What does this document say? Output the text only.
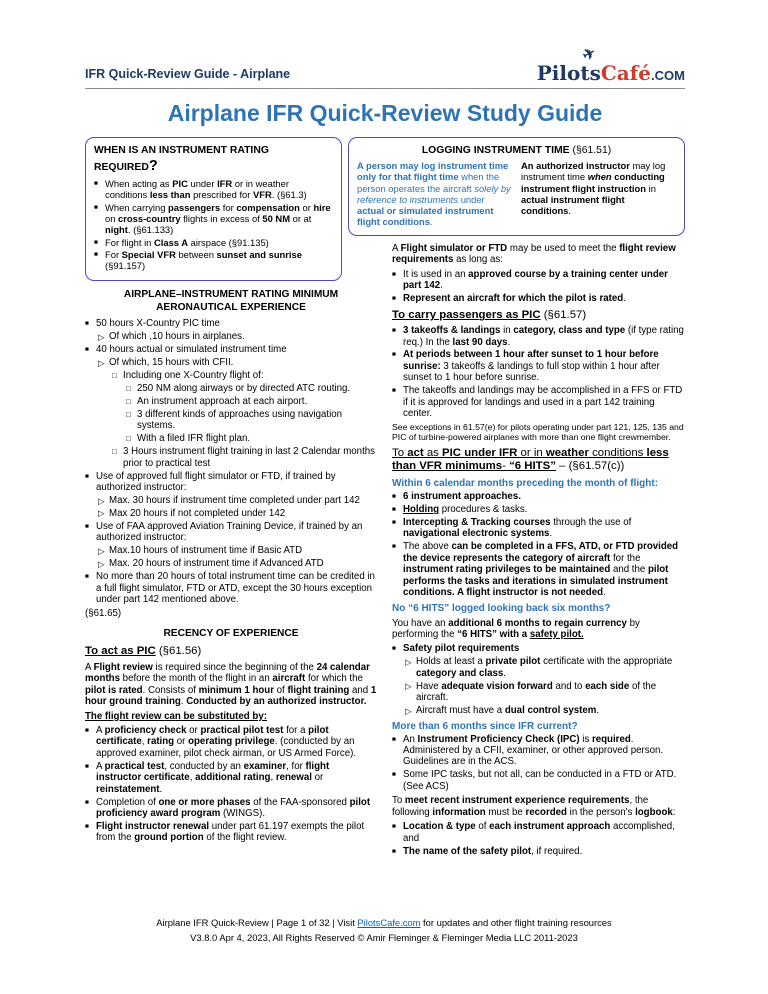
IFR Quick-Review Guide - Airplane
✈
PilotsCafé.COM
Airplane IFR Quick-Review Study Guide
WHEN IS AN INSTRUMENT RATING REQUIRED?
■ When acting as PIC under IFR or in weather conditions less than prescribed for VFR. (§61.3)
■ When carrying passengers for compensation or hire on cross-country flights in excess of 50 NM or at night. (§61.133)
■ For flight in Class A airspace (§91.135)
■ For Special VFR between sunset and sunrise (§91.157)
AIRPLANE–INSTRUMENT RATING MINIMUM
AERONAUTICAL EXPERIENCE
■ 50 hours X-Country PIC time
▷ Of which ,10 hours in airplanes.
■ 40 hours actual or simulated instrument time
▷ Of which, 15 hours with CFII.
□ Including one X-Country flight of:
□ 250 NM along airways or by directed ATC routing.
□ An instrument approach at each airport.
□ 3 different kinds of approaches using navigation systems.
□ With a filed IFR flight plan.
□ 3 Hours instrument flight training in last 2 Calendar months prior to practical test
■ Use of approved full flight simulator or FTD, if trained by authorized instructor:
▷ Max. 30 hours if instrument time completed under part 142
▷ Max 20 hours if not completed under 142
■ Use of FAA approved Aviation Training Device, if trained by an authorized instructor:
▷ Max.10 hours of instrument time if Basic ATD
▷ Max. 20 hours of instrument time if Advanced ATD
■ No more than 20 hours of total instrument time can be credited in a full flight simulator, FTD or ATD, except the 30 hours exception under part 142 mentioned above.
(§61.65)
RECENCY OF EXPERIENCE
To act as PIC (§61.56)
A Flight review is required since the beginning of the 24 calendar months before the month of the flight in an aircraft for which the pilot is rated. Consists of minimum 1 hour of flight training and 1 hour ground training. Conducted by an authorized instructor.
The flight review can be substituted by:
■ A proficiency check or practical pilot test for a pilot certificate, rating or operating privilege. (conducted by an approved examiner, pilot check airman, or US Armed Force).
■ A practical test, conducted by an examiner, for flight instructor certificate, additional rating, renewal or reinstatement.
■ Completion of one or more phases of the FAA-sponsored pilot proficiency award program (WINGS).
■ Flight instructor renewal under part 61.197 exempts the pilot from the ground portion of the flight review.
LOGGING INSTRUMENT TIME (§61.51)
A person may log instrument time only for that flight time when the person operates the aircraft solely by reference to instruments under actual or simulated instrument flight conditions.
An authorized instructor may log instrument time when conducting instrument flight instruction in actual instrument flight conditions.
A Flight simulator or FTD may be used to meet the flight review requirements as long as:
■ It is used in an approved course by a training center under part 142.
■ Represent an aircraft for which the pilot is rated.
To carry passengers as PIC (§61.57)
■ 3 takeoffs & landings in category, class and type (if type rating req.) In the last 90 days.
■ At periods between 1 hour after sunset to 1 hour before sunrise: 3 takeoffs & landings to full stop within 1 hour after sunset to 1 hour before sunrise.
■ The takeoffs and landings may be accomplished in a FFS or FTD if it is approved for landings and used in a part 142 training center.
See exceptions in 61.57(e) for pilots operating under part 121, 125, 135 and PIC of turbine-powered airplanes with more than one flight crewmember.
To act as PIC under IFR or in weather conditions less than VFR minimums- “6 HITS” – (§61.57(c))
Within 6 calendar months preceding the month of flight:
■ 6 instrument approaches.
■ Holding procedures & tasks.
■ Intercepting & Tracking courses through the use of navigational electronic systems.
■ The above can be completed in a FFS, ATD, or FTD provided the device represents the category of aircraft for the instrument rating privileges to be maintained and the pilot performs the tasks and iterations in simulated instrument conditions. A flight instructor is not needed.
No “6 HITS” logged looking back six months?
You have an additional 6 months to regain currency by performing the “6 HITS” with a safety pilot.
■ Safety pilot requirements
▷ Holds at least a private pilot certificate with the appropriate category and class.
▷ Have adequate vision forward and to each side of the aircraft.
▷ Aircraft must have a dual control system.
More than 6 months since IFR current?
■ An Instrument Proficiency Check (IPC) is required. Administered by a CFII, examiner, or other approved person. Guidelines are in the ACS.
■ Some IPC tasks, but not all, can be conducted in a FTD or ATD. (See ACS)
To meet recent instrument experience requirements, the following information must be recorded in the person's logbook:
■ Location & type of each instrument approach accomplished, and
■ The name of the safety pilot, if required.
Airplane IFR Quick-Review | Page 1 of 32 | Visit PilotsCafe.com for updates and other flight training resources
V3.8.0 Apr 4, 2023, All Rights Reserved © Amir Fleminger & Fleminger Media LLC 2011-2023
